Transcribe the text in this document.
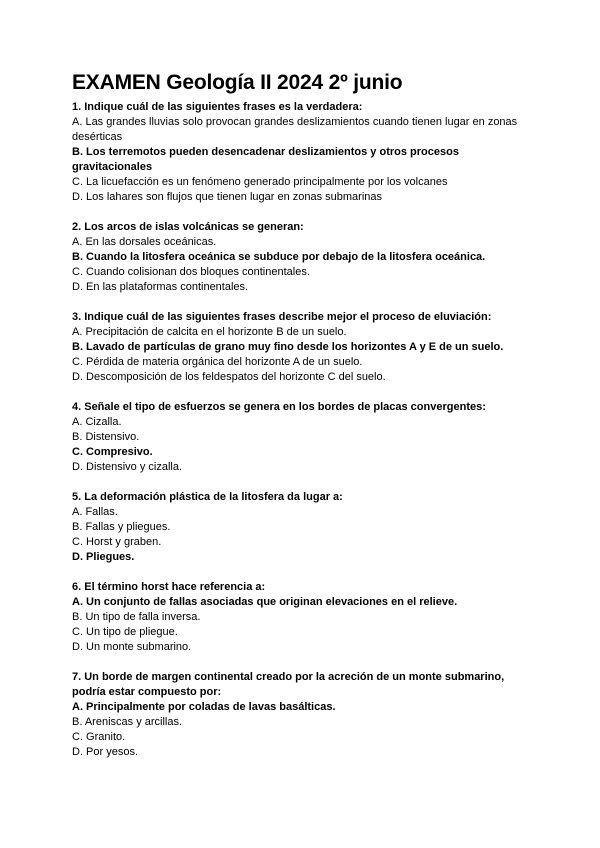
EXAMEN Geología II 2024 2º junio

1. Indique cuál de las siguientes frases es la verdadera:

A. Las grandes lluvias solo provocan grandes deslizamientos cuando tienen lugar en zonas desérticas
B. Los terremotos pueden desencadenar deslizamientos y otros procesos gravitacionales
C. La licuefacción es un fenómeno generado principalmente por los volcanes
D. Los lahares son flujos que tienen lugar en zonas submarinas

2. Los arcos de islas volcánicas se generan:

A. En las dorsales oceánicas.
B. Cuando la litosfera oceánica se subduce por debajo de la litosfera oceánica.
C. Cuando colisionan dos bloques continentales.
D. En las plataformas continentales.

3. Indique cuál de las siguientes frases describe mejor el proceso de eluviación:

A. Precipitación de calcita en el horizonte B de un suelo.
B. Lavado de partículas de grano muy fino desde los horizontes A y E de un suelo.
C. Pérdida de materia orgánica del horizonte A de un suelo.
D. Descomposición de los feldespatos del horizonte C del suelo.

4. Señale el tipo de esfuerzos se genera en los bordes de placas convergentes:

A. Cizalla.
B. Distensivo.
C. Compresivo.
D. Distensivo y cizalla.

5. La deformación plástica de la litosfera da lugar a:

A. Fallas.
B. Fallas y pliegues.
C. Horst y graben.
D. Pliegues.

6. El término horst hace referencia a:

A. Un conjunto de fallas asociadas que originan elevaciones en el relieve.
B. Un tipo de falla inversa.
C. Un tipo de pliegue.
D. Un monte submarino.

7. Un borde de margen continental creado por la acreción de un monte submarino, podría estar compuesto por:

A. Principalmente por coladas de lavas basálticas.
B. Areniscas y arcillas.
C. Granito.
D. Por yesos.
